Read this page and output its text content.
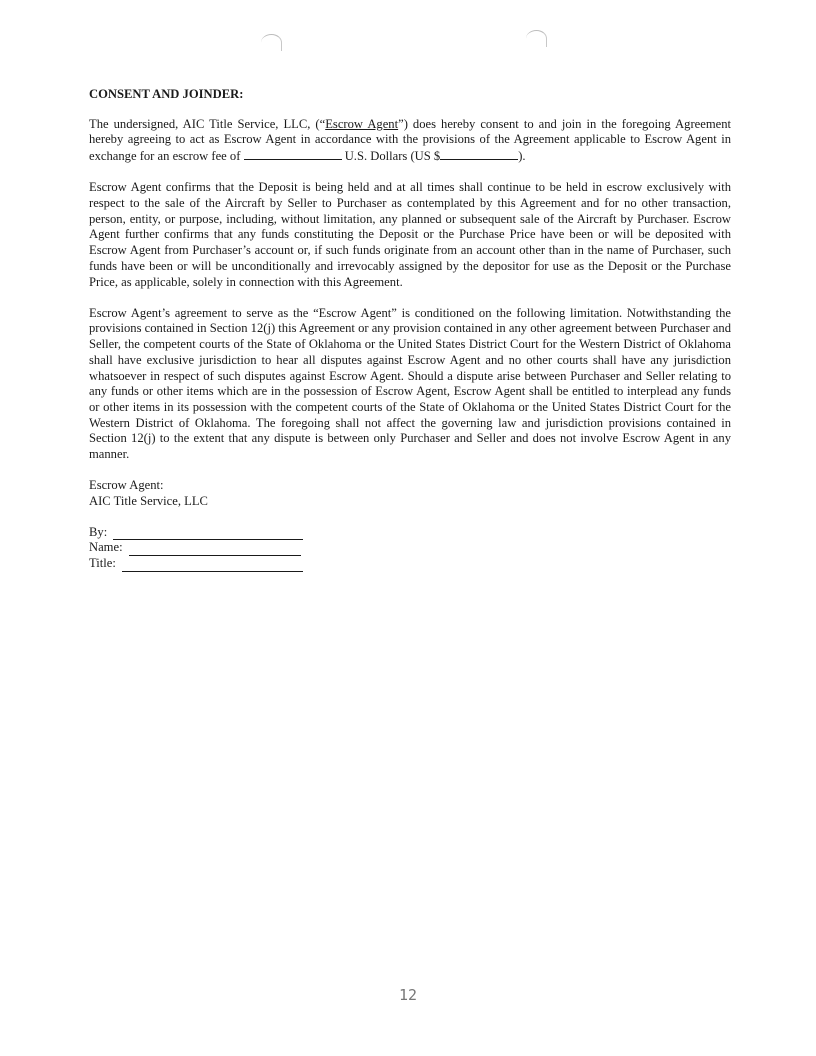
CONSENT AND JOINDER:

The undersigned, AIC Title Service, LLC, (“Escrow Agent”) does hereby consent to and join in the foregoing Agreement hereby agreeing to act as Escrow Agent in accordance with the provisions of the Agreement applicable to Escrow Agent in exchange for an escrow fee of	U.S. Dollars (US $	).

Escrow Agent confirms that the Deposit is being held and at all times shall continue to be held in escrow exclusively with respect to the sale of the Aircraft by Seller to Purchaser as contemplated by this Agreement and for no other transaction, person, entity, or purpose, including, without limitation, any planned or subsequent sale of the Aircraft by Purchaser. Escrow Agent further confirms that any funds constituting the Deposit or the Purchase Price have been or will be deposited with Escrow Agent from Purchaser’s account or, if such funds originate from an account other than in the name of Purchaser, such funds have been or will be unconditionally and irrevocably assigned by the depositor for use as the Deposit or the Purchase Price, as applicable, solely in connection with this Agreement.

Escrow Agent’s agreement to serve as the “Escrow Agent” is conditioned on the following limitation. Notwithstanding the provisions contained in Section 12(j) this Agreement or any provision contained in any other agreement between Purchaser and Seller, the competent courts of the State of Oklahoma or the United States District Court for the Western District of Oklahoma shall have exclusive jurisdiction to hear all disputes against Escrow Agent and no other courts shall have any jurisdiction whatsoever in respect of such disputes against Escrow Agent. Should a dispute arise between Purchaser and Seller relating to any funds or other items which are in the possession of Escrow Agent, Escrow Agent shall be entitled to interplead any funds or other items in its possession with the competent courts of the State of Oklahoma or the United States District Court for the Western District of Oklahoma. The foregoing shall not affect the governing law and jurisdiction provisions contained in Section 12(j) to the extent that any dispute is between only Purchaser and Seller and does not involve Escrow Agent in any manner.

Escrow Agent:
AIC Title Service, LLC
By:
Name:
Title:
12
